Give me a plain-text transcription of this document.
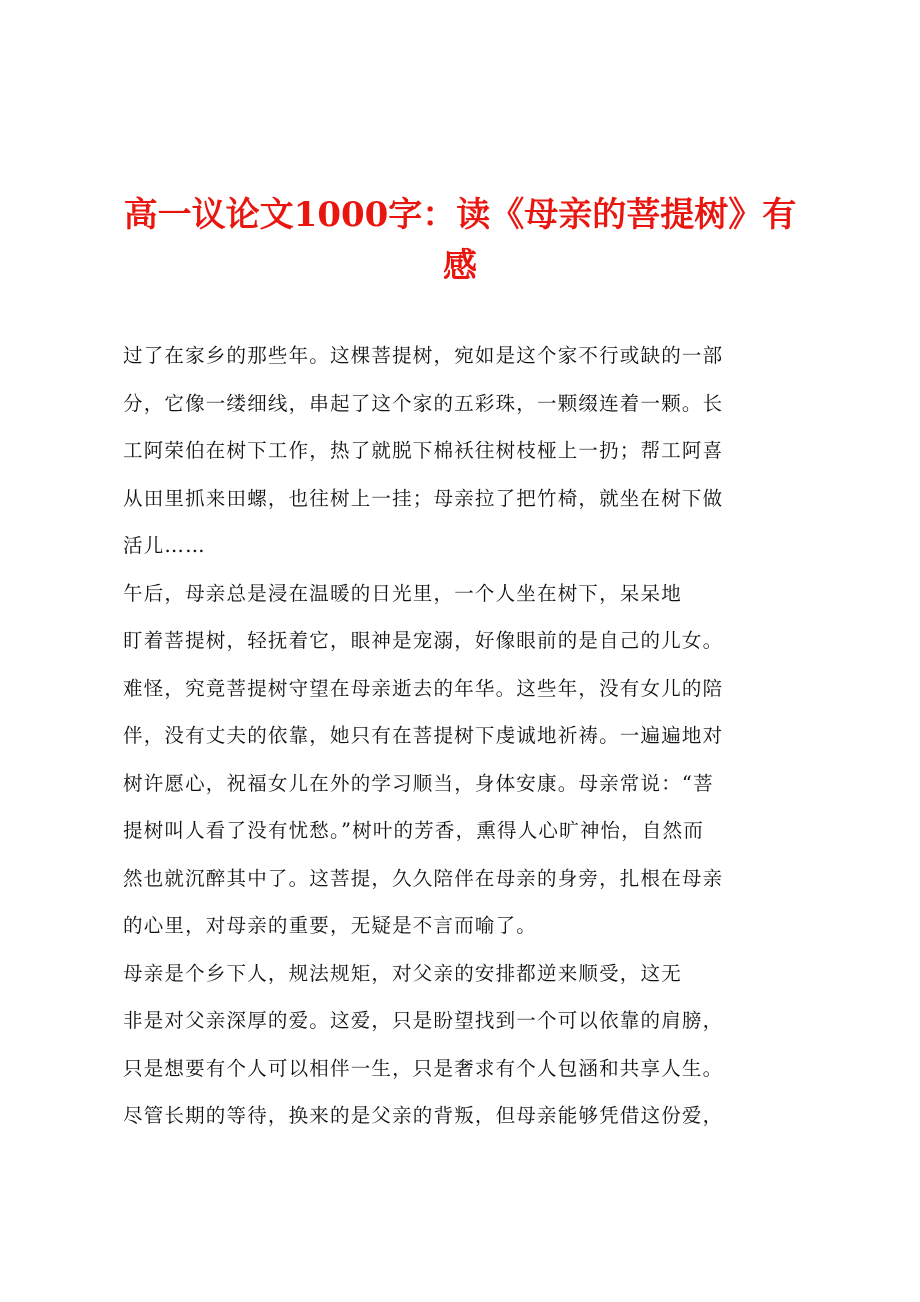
高一议论文1000字：读《母亲的菩提树》有
感
过了在家乡的那些年。这棵菩提树，宛如是这个家不行或缺的一部
分，它像一缕细线，串起了这个家的五彩珠，一颗缀连着一颗。长
工阿荣伯在树下工作，热了就脱下棉袄往树枝桠上一扔；帮工阿喜
从田里抓来田螺，也往树上一挂；母亲拉了把竹椅，就坐在树下做
活儿……
午后，母亲总是浸在温暖的日光里，一个人坐在树下，呆呆地
盯着菩提树，轻抚着它，眼神是宠溺，好像眼前的是自己的儿女。
难怪，究竟菩提树守望在母亲逝去的年华。这些年，没有女儿的陪
伴，没有丈夫的依靠，她只有在菩提树下虔诚地祈祷。一遍遍地对
树许愿心，祝福女儿在外的学习顺当，身体安康。母亲常说：“菩
提树叫人看了没有忧愁。”树叶的芳香，熏得人心旷神怡，自然而
然也就沉醉其中了。这菩提，久久陪伴在母亲的身旁，扎根在母亲
的心里，对母亲的重要，无疑是不言而喻了。
母亲是个乡下人，规法规矩，对父亲的安排都逆来顺受，这无
非是对父亲深厚的爱。这爱，只是盼望找到一个可以依靠的肩膀，
只是想要有个人可以相伴一生，只是奢求有个人包涵和共享人生。
尽管长期的等待，换来的是父亲的背叛，但母亲能够凭借这份爱，
